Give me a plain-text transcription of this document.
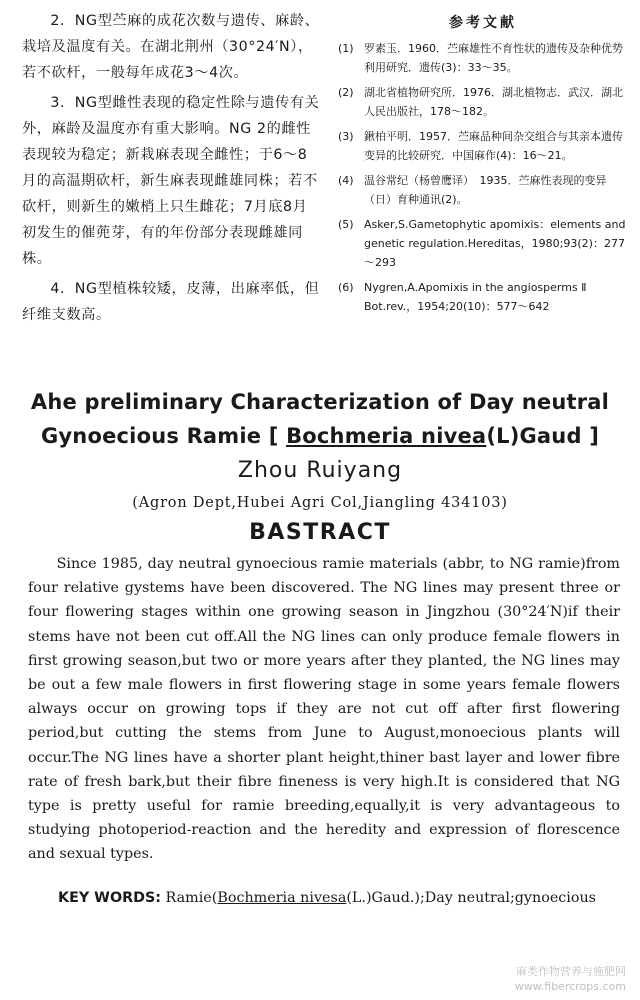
2．NG型苎麻的成花次数与遗传、麻龄、栽培及温度有关。在湖北荆州（30°24′N），若不砍杆，一般每年成花3～4次。

3．NG型雌性表现的稳定性除与遗传有关外，麻龄及温度亦有重大影响。NG 2的雌性表现较为稳定；新栽麻表现全雌性；于6～8月的高温期砍杆，新生麻表现雌雄同株；若不砍杆，则新生的嫩梢上只生雌花；7月底8月初发生的催蔸芽，有的年份部分表现雌雄同株。

4．NG型植株较矮，皮薄，出麻率低，但纤维支数高。

参考文献
(1) 罗素玉．1960．苎麻雄性不育性状的遗传及杂种优势利用研究．遗传(3)：33～35。
(2) 湖北省植物研究所．1976．湖北植物志．武汉．湖北人民出版社，178～182。
(3) 鍬柏平明．1957．苎麻品种间杂交组合与其亲本遗传变异的比较研究．中国麻作(4)：16～21。
(4) 温谷常纪（杨曾鹰译）　1935．苎麻性表现的变异（日）育种通讯(2)。
(5) Asker,S.Gametophytic apomixis：elements and genetic regulation.Hereditas，1980;93(2)：277～293
(6) Nygren,A.Apomixis in the angiosperms Ⅱ Bot.rev.，1954;20(10)：577～642
Ahe preliminary Characterization of Day neutral
Gynoecious Ramie [ Bochmeria nivea(L)Gaud ]
Zhou Ruiyang
(Agron Dept,Hubei Agri Col,Jiangling 434103)
BASTRACT
Since 1985, day neutral gynoecious ramie materials (abbr, to NG ramie)from four relative gystems have been discovered. The NG lines may present three or four flowering stages within one growing season in Jingzhou (30°24′N)if their stems have not been cut off.All the NG lines can only produce female flowers in first growing season,but two or more years after they planted, the NG lines may be out a few male flowers in first flowering stage in some years female flowers always occur on growing tops if they are not cut off after first flowering period,but cutting the stems from June to August,monoecious plants will occur.The NG lines have a shorter plant height,thiner bast layer and lower fibre rate of fresh bark,but their fibre fineness is very high.It is considered that NG type is pretty useful for ramie breeding,equally,it is very advantageous to studying photoperiod-reaction and the heredity and expression of florescence and sexual types.
KEY WORDS: Ramie(Bochmeria nivesa(L.)Gaud.);Day neutral;gynoecious
麻类作物营养与施肥网
www.fibercrops.com
